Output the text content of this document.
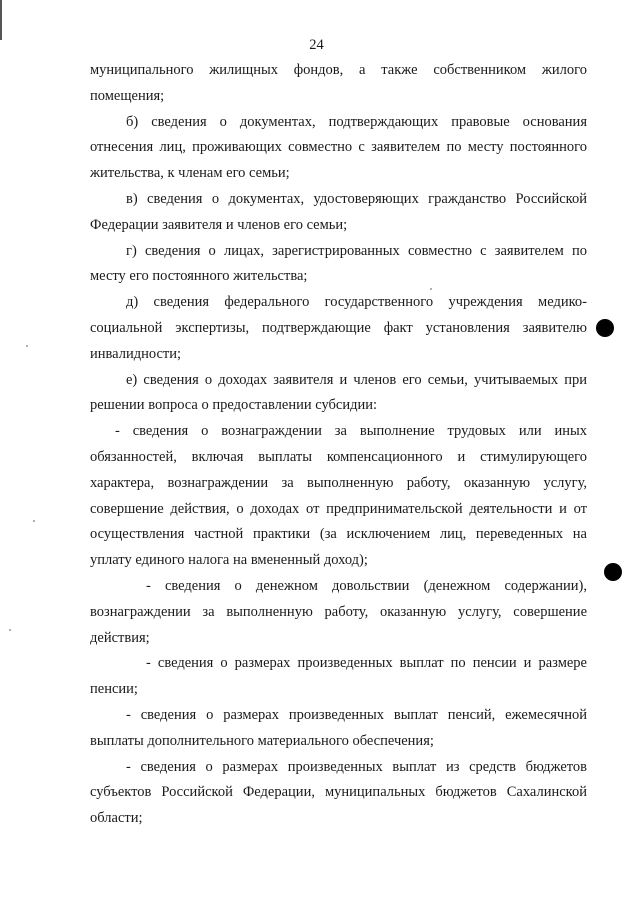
24

муниципального жилищных фондов, а также собственником жилого помещения;

б) сведения о документах, подтверждающих правовые основания отнесения лиц, проживающих совместно с заявителем по месту постоянного жительства, к членам его семьи;

в) сведения о документах, удостоверяющих гражданство Российской Федерации заявителя и членов его семьи;

г) сведения о лицах, зарегистрированных совместно с заявителем по месту его постоянного жительства;

д) сведения федерального государственного учреждения медико-социальной экспертизы, подтверждающие факт установления заявителю инвалидности;

е) сведения о доходах заявителя и членов его семьи, учитываемых при решении вопроса о предоставлении субсидии:

- сведения о вознаграждении за выполнение трудовых или иных обязанностей, включая выплаты компенсационного и стимулирующего характера, вознаграждении за выполненную работу, оказанную услугу, совершение действия, о доходах от предпринимательской деятельности и от осуществления частной практики (за исключением лиц, переведенных на уплату единого налога на вмененный доход);

- сведения о денежном довольствии (денежном содержании), вознаграждении за выполненную работу, оказанную услугу, совершение действия;

- сведения о размерах произведенных выплат по пенсии и размере пенсии;

- сведения о размерах произведенных выплат пенсий, ежемесячной выплаты дополнительного материального обеспечения;

- сведения о размерах произведенных выплат из средств бюджетов субъектов Российской Федерации, муниципальных бюджетов Сахалинской области;
